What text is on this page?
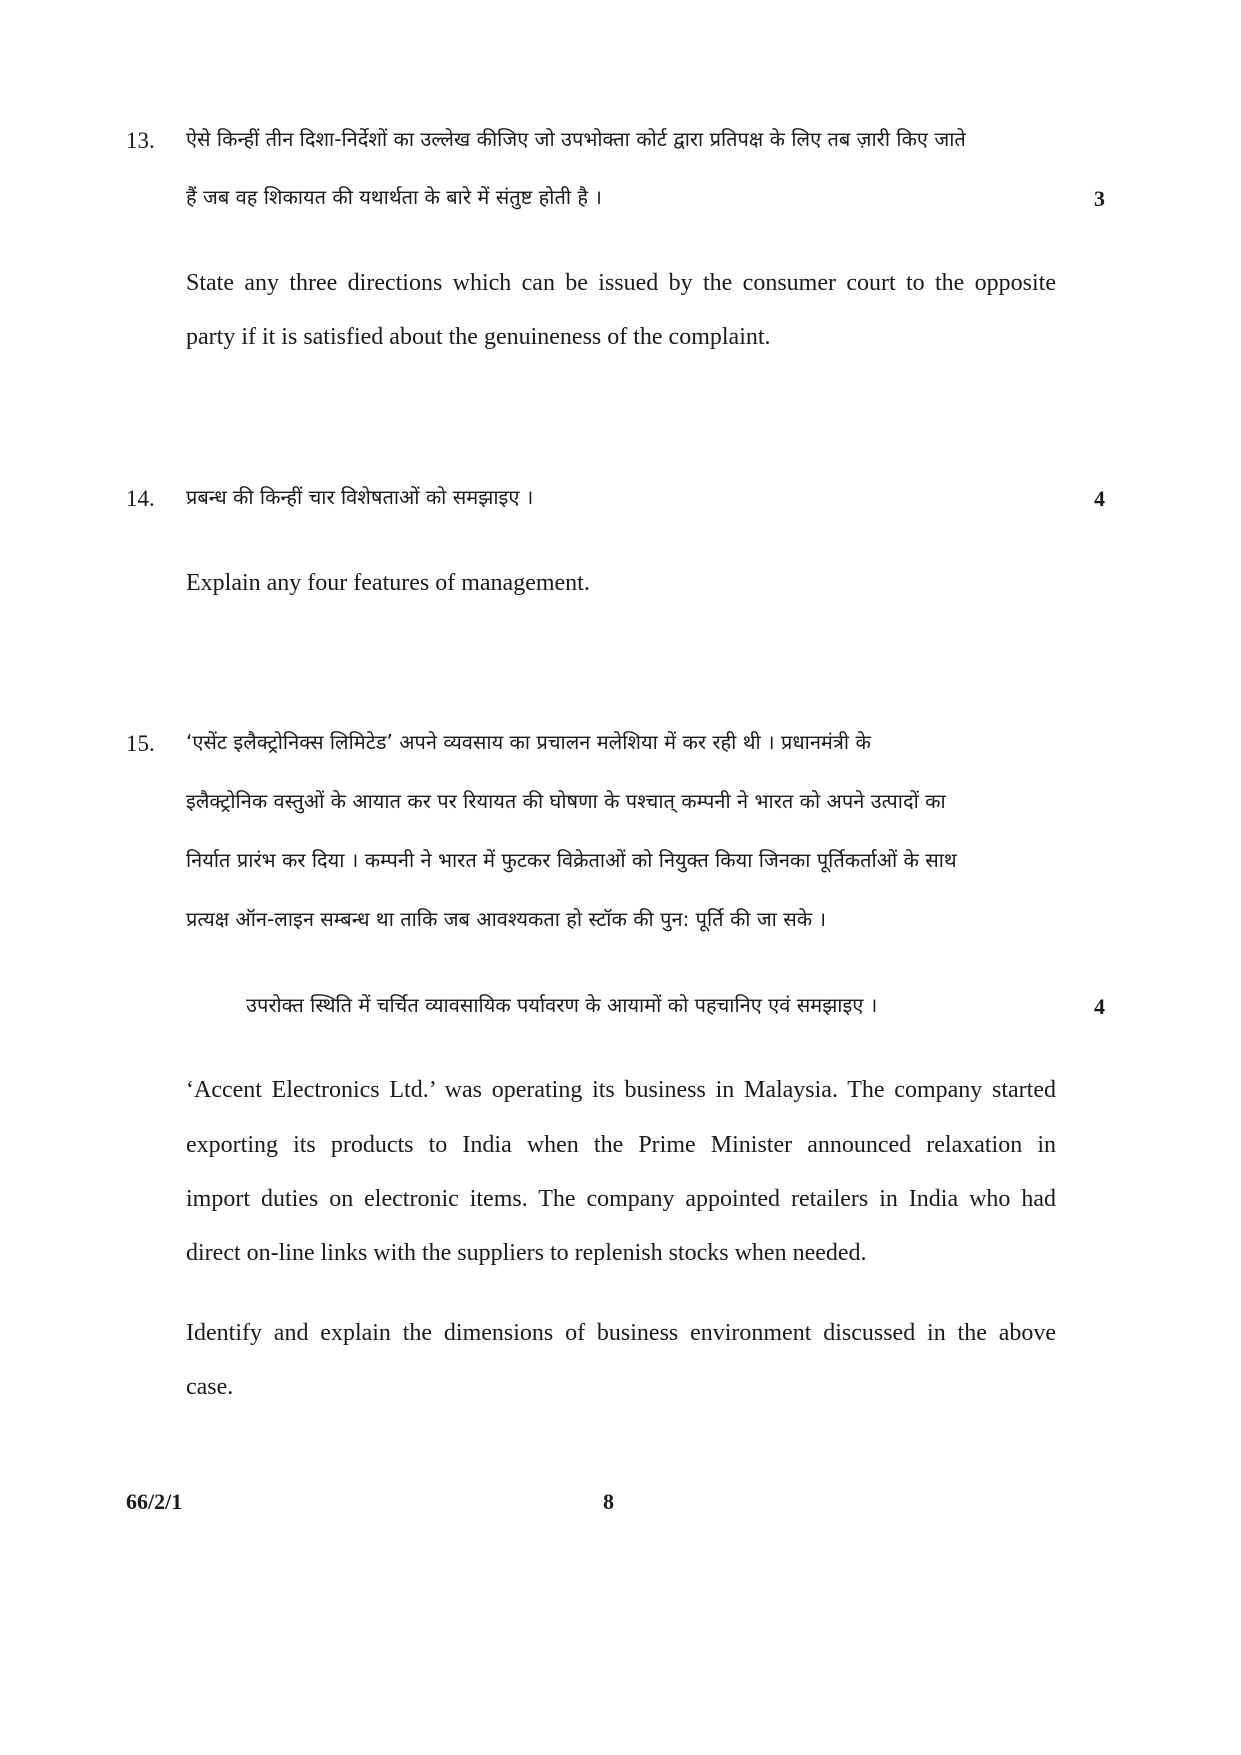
13. ऐसे किन्हीं तीन दिशा-निर्देशों का उल्लेख कीजिए जो उपभोक्ता कोर्ट द्वारा प्रतिपक्ष के लिए तब ज़ारी किए जाते
हैं जब वह शिकायत की यथार्थता के बारे में संतुष्ट होती है ।	3
State any three directions which can be issued by the consumer court to the opposite
party if it is satisfied about the genuineness of the complaint.
14. प्रबन्ध की किन्हीं चार विशेषताओं को समझाइए ।	4
Explain any four features of management.
15. ‘एसेंट इलैक्ट्रोनिक्स लिमिटेड’ अपने व्यवसाय का प्रचालन मलेशिया में कर रही थी । प्रधानमंत्री के
इलैक्ट्रोनिक वस्तुओं के आयात कर पर रियायत की घोषणा के पश्चात् कम्पनी ने भारत को अपने उत्पादों का
निर्यात प्रारंभ कर दिया । कम्पनी ने भारत में फुटकर विक्रेताओं को नियुक्त किया जिनका पूर्तिकर्ताओं के साथ
प्रत्यक्ष ऑन-लाइन सम्बन्ध था ताकि जब आवश्यकता हो स्टॉक की पुन: पूर्ति की जा सके ।
उपरोक्त स्थिति में चर्चित व्यावसायिक पर्यावरण के आयामों को पहचानिए एवं समझाइए ।	4
‘Accent Electronics Ltd.’ was operating its business in Malaysia. The company started
exporting its products to India when the Prime Minister announced relaxation in
import duties on electronic items. The company appointed retailers in India who had
direct on-line links with the suppliers to replenish stocks when needed.
Identify and explain the dimensions of business environment discussed in the above
case.
66/2/1	8
